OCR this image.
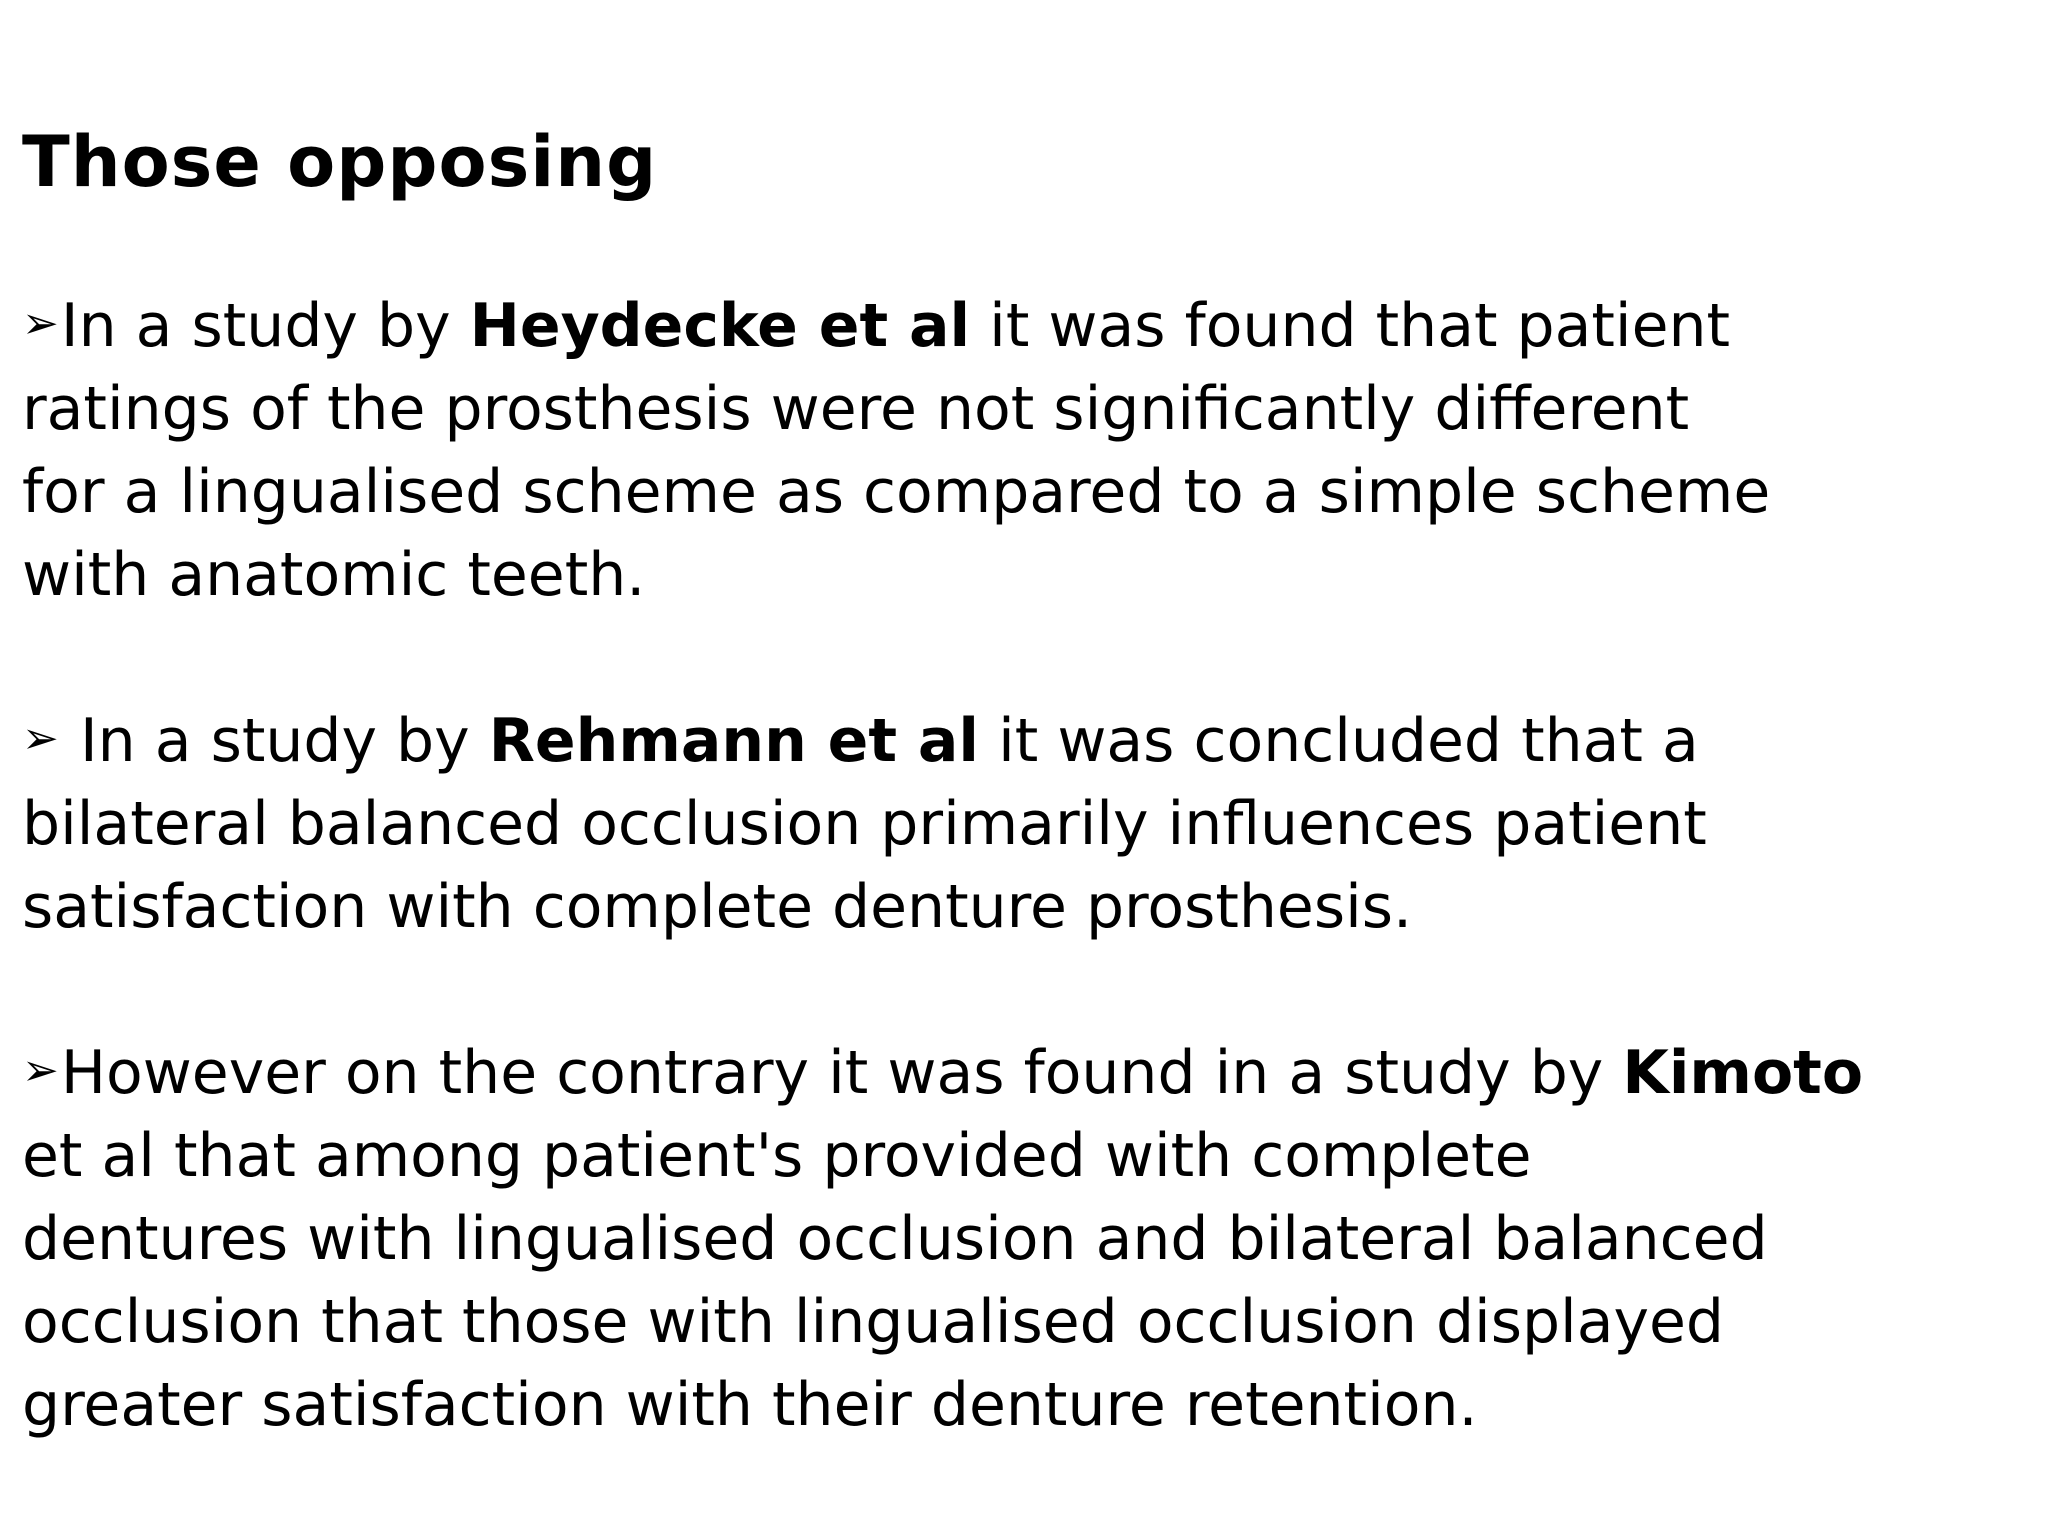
Those opposing
➢In a study by Heydecke et al it was found that patient
ratings of the prosthesis were not significantly different
for a lingualised scheme as compared to a simple scheme
with anatomic teeth.
➢ In a study by Rehmann et al it was concluded that a
bilateral balanced occlusion primarily influences patient
satisfaction with complete denture prosthesis.
➢However on the contrary it was found in a study by Kimoto
et al that among patient's provided with complete
dentures with lingualised occlusion and bilateral balanced
occlusion that those with lingualised occlusion displayed
greater satisfaction with their denture retention.
